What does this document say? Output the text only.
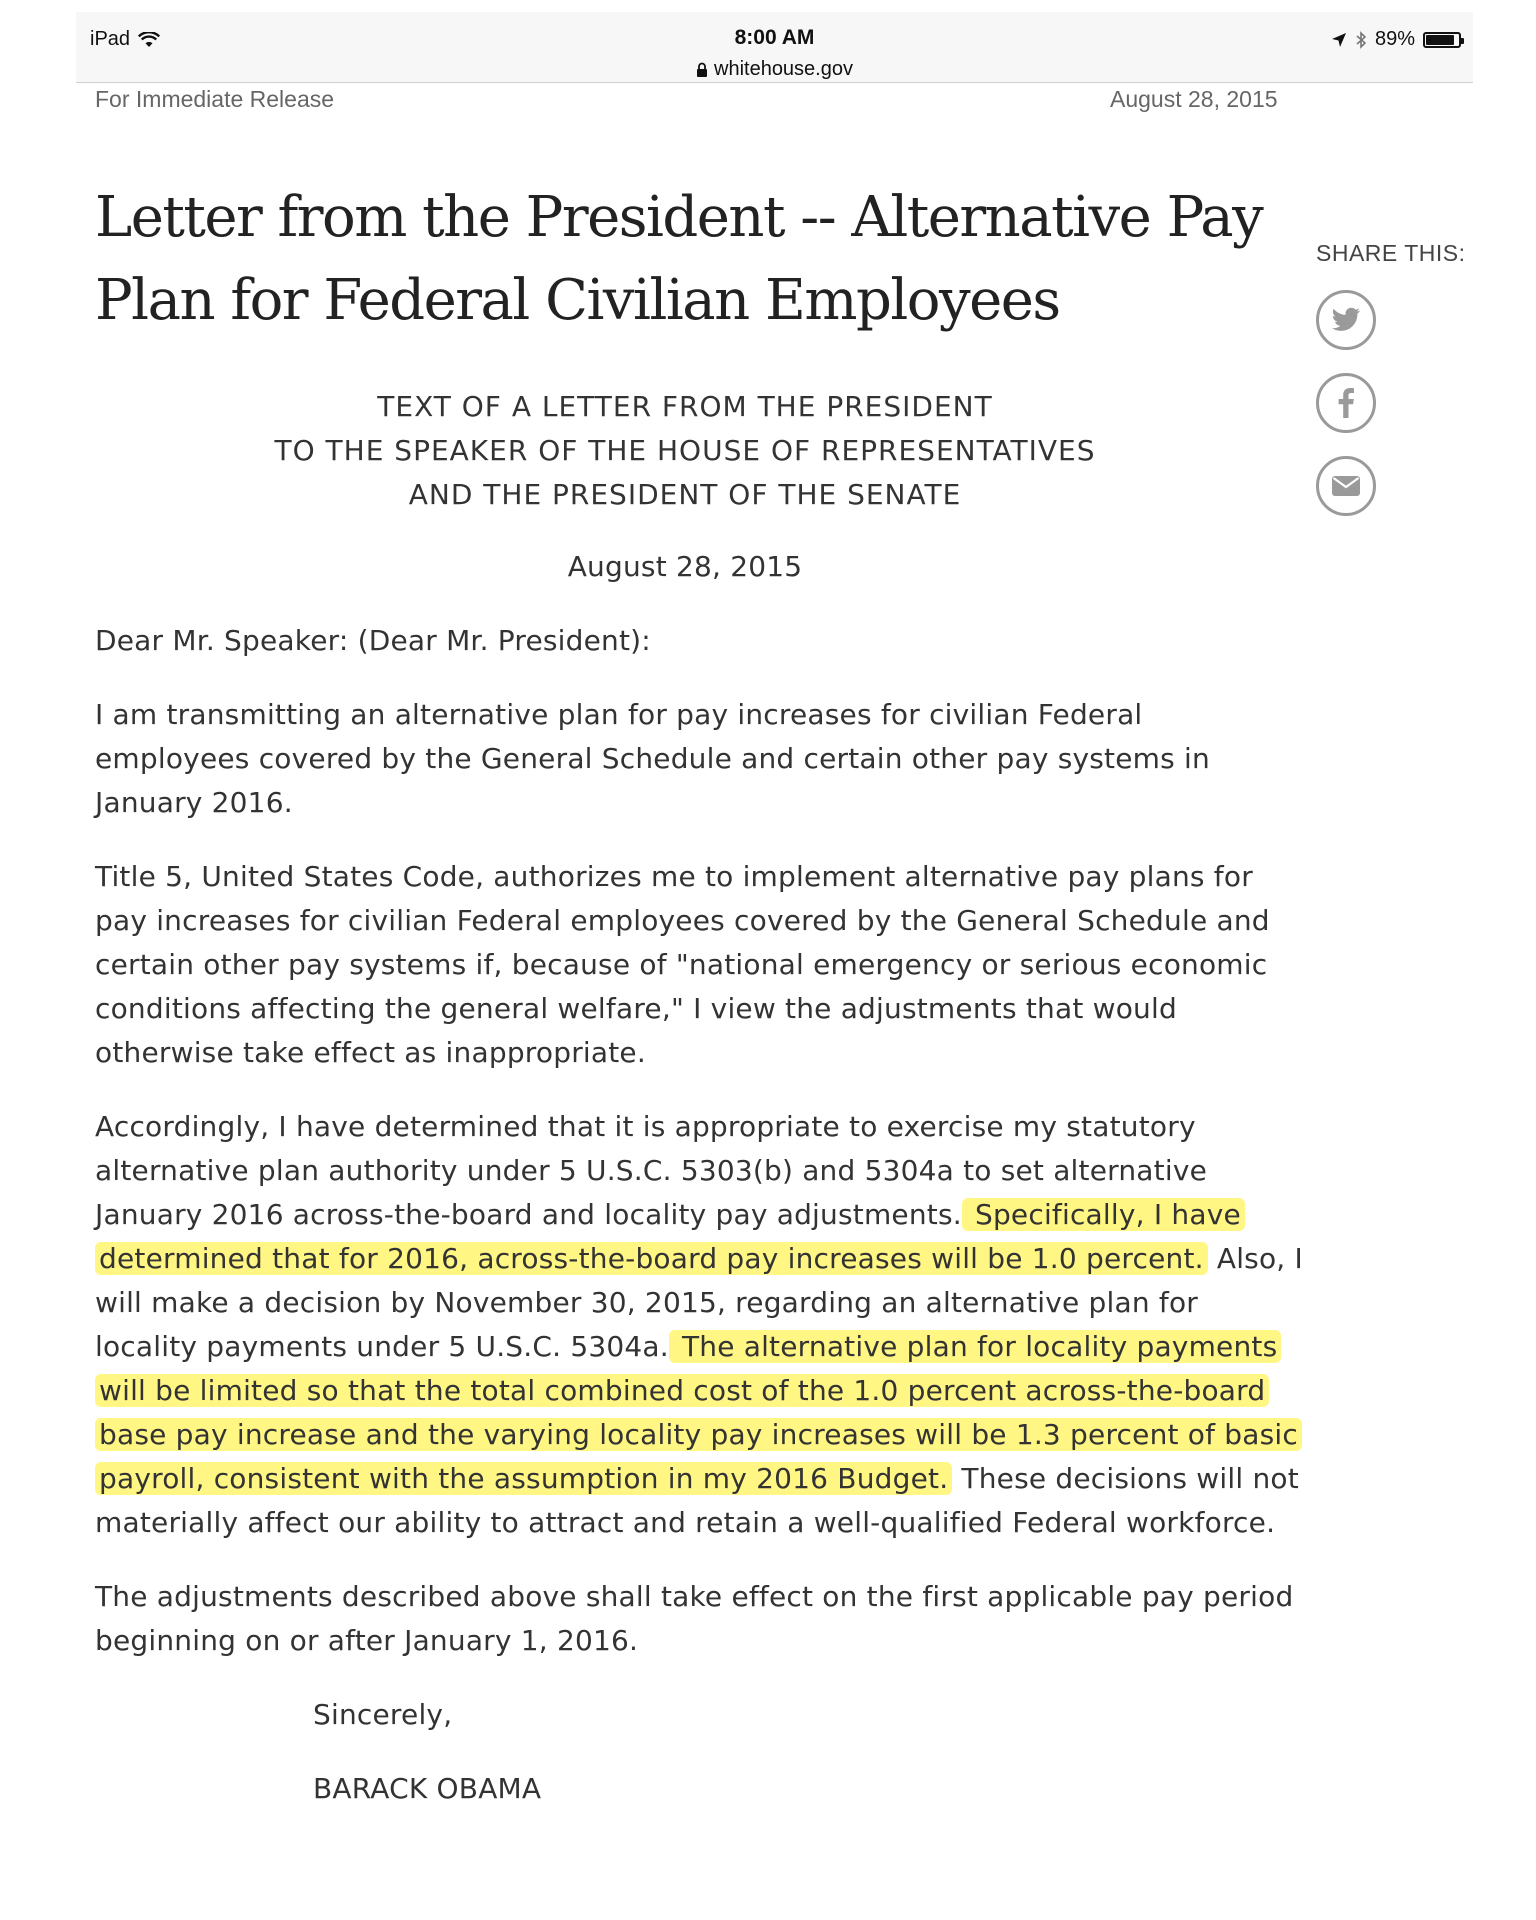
iPad	8:00 AM
whitehouse.gov
89%
For Immediate Release	August 28, 2015
Letter from the President -- Alternative Pay Plan for Federal Civilian Employees
SHARE THIS:

TEXT OF A LETTER FROM THE PRESIDENT
TO THE SPEAKER OF THE HOUSE OF REPRESENTATIVES
AND THE PRESIDENT OF THE SENATE

August 28, 2015

Dear Mr. Speaker: (Dear Mr. President):

I am transmitting an alternative plan for pay increases for civilian Federal employees covered by the General Schedule and certain other pay systems in January 2016.

Title 5, United States Code, authorizes me to implement alternative pay plans for pay increases for civilian Federal employees covered by the General Schedule and certain other pay systems if, because of "national emergency or serious economic conditions affecting the general welfare," I view the adjustments that would otherwise take effect as inappropriate.

Accordingly, I have determined that it is appropriate to exercise my statutory alternative plan authority under 5 U.S.C. 5303(b) and 5304a to set alternative January 2016 across-the-board and locality pay adjustments. Specifically, I have determined that for 2016, across-the-board pay increases will be 1.0 percent. Also, I will make a decision by November 30, 2015, regarding an alternative plan for locality payments under 5 U.S.C. 5304a. The alternative plan for locality payments will be limited so that the total combined cost of the 1.0 percent across-the-board base pay increase and the varying locality pay increases will be 1.3 percent of basic payroll, consistent with the assumption in my 2016 Budget. These decisions will not materially affect our ability to attract and retain a well-qualified Federal workforce.

The adjustments described above shall take effect on the first applicable pay period beginning on or after January 1, 2016.

Sincerely,

BARACK OBAMA
